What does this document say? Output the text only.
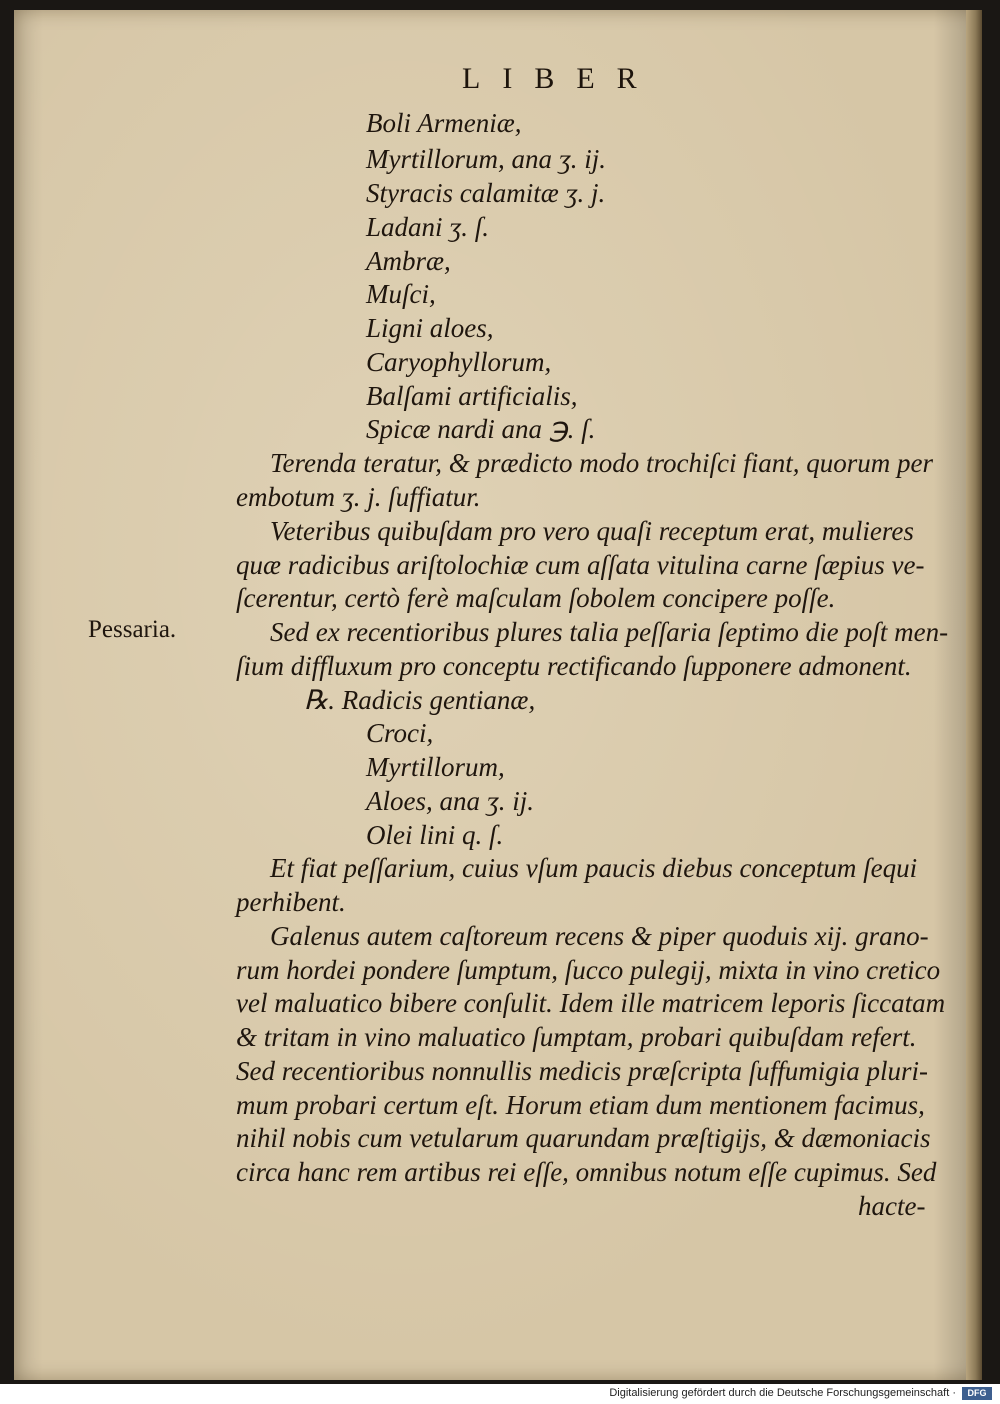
LIBER
Pessaria.
Boli Armeniæ,
Myrtillorum, ana ʒ. ij.
Styracis calamitæ ʒ. j.
Ladani ʒ. ſ.
Ambræ,
Muſci,
Ligni aloes,
Caryophyllorum,
Balſami artificialis,
Spicæ nardi ana ℈. ſ.
Terenda teratur, & prædicto modo trochiſci fiant, quorum per
embotum ʒ. j. ſuffiatur.
Veteribus quibuſdam pro vero quaſi receptum erat, mulieres
quæ radicibus ariſtolochiæ cum aſſata vitulina carne ſæpius ve-
ſcerentur, certò ferè maſculam ſobolem concipere poſſe.
Sed ex recentioribus plures talia peſſaria ſeptimo die poſt men-
ſium diffluxum pro conceptu rectificando ſupponere admonent.
℞. Radicis gentianæ,
Croci,
Myrtillorum,
Aloes, ana ʒ. ij.
Olei lini q. ſ.
Et fiat peſſarium, cuius vſum paucis diebus conceptum ſequi
perhibent.
Galenus autem caſtoreum recens & piper quoduis xij. grano-
rum hordei pondere ſumptum, ſucco pulegij, mixta in vino cretico
vel maluatico bibere conſulit. Idem ille matricem leporis ſiccatam
& tritam in vino maluatico ſumptam, probari quibuſdam refert.
Sed recentioribus nonnullis medicis præſcripta ſuffumigia pluri-
mum probari certum eſt. Horum etiam dum mentionem facimus,
nihil nobis cum vetularum quarundam præſtigijs, & dæmoniacis
circa hanc rem artibus rei eſſe, omnibus notum eſſe cupimus. Sed
hacte-
Digitalisierung gefördert durch die Deutsche Forschungsgemeinschaft ·	DFG
